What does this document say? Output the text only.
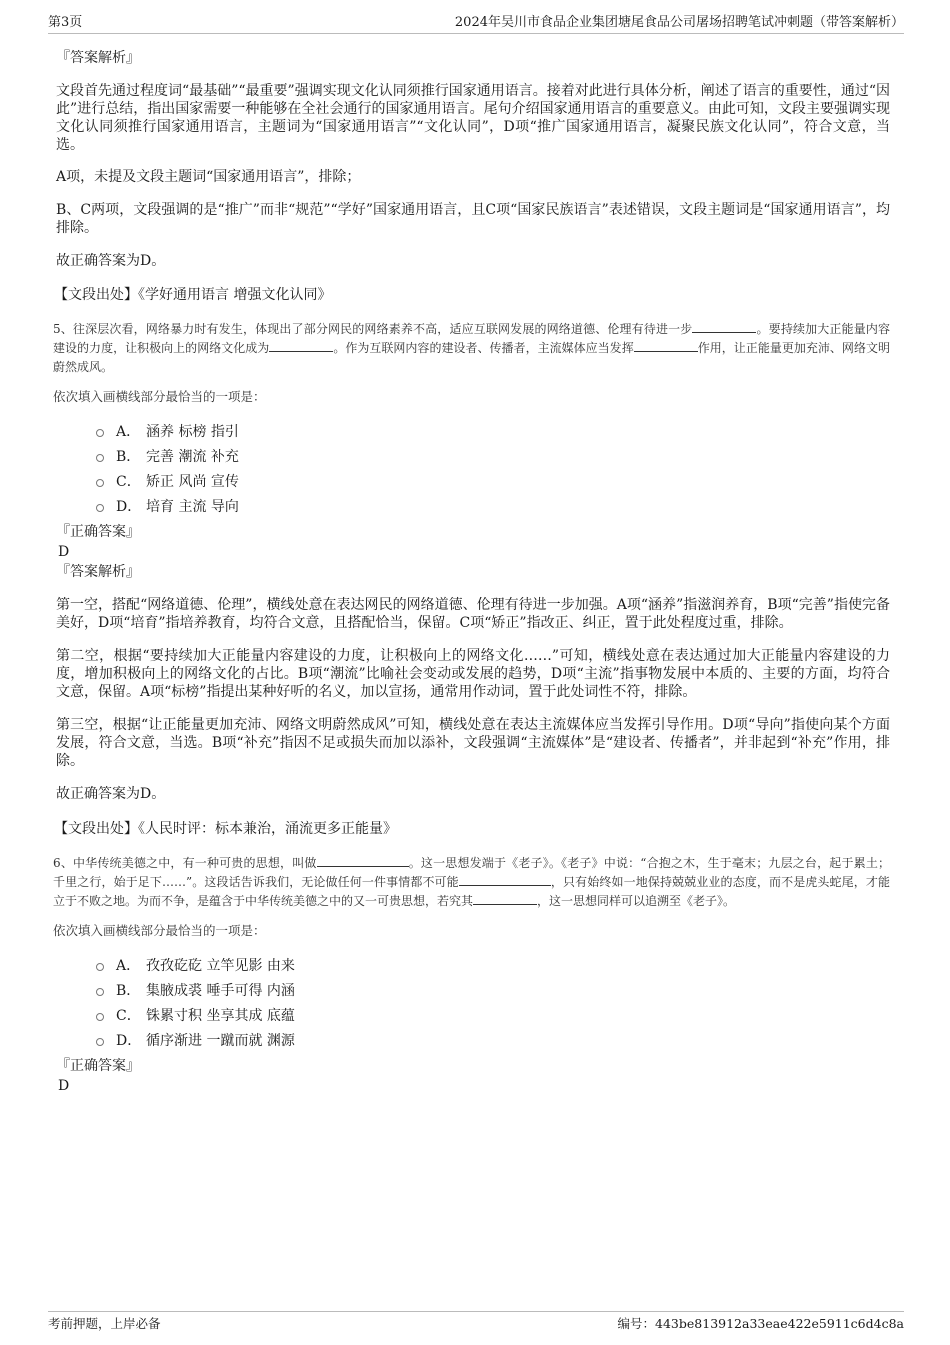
第3页	2024年吴川市食品企业集团塘尾食品公司屠场招聘笔试冲刺题（带答案解析）

『答案解析』

文段首先通过程度词“最基础”“最重要”强调实现文化认同须推行国家通用语言。接着对此进行具体分析，阐述了语言的重要性，通过“因此”进行总结，指出国家需要一种能够在全社会通行的国家通用语言。尾句介绍国家通用语言的重要意义。由此可知，文段主要强调实现文化认同须推行国家通用语言，主题词为“国家通用语言”“文化认同”，D项“推广国家通用语言，凝聚民族文化认同”，符合文意，当选。

A项，未提及文段主题词“国家通用语言”，排除；

B、C两项，文段强调的是“推广”而非“规范”“学好”国家通用语言，且C项“国家民族语言”表述错误，文段主题词是“国家通用语言”，均排除。

故正确答案为D。

【文段出处】《学好通用语言 增强文化认同》

5、往深层次看，网络暴力时有发生，体现出了部分网民的网络素养不高，适应互联网发展的网络道德、伦理有待进一步	。要持续加大正能量内容建设的力度，让积极向上的网络文化成为	。作为互联网内容的建设者、传播者，主流媒体应当发挥	作用，让正能量更加充沛、网络文明蔚然成风。

依次填入画横线部分最恰当的一项是：

A． 涵养 标榜 指引
B． 完善 潮流 补充
C． 矫正 风尚 宣传
D． 培育 主流 导向

『正确答案』

D

『答案解析』

第一空，搭配“网络道德、伦理”，横线处意在表达网民的网络道德、伦理有待进一步加强。A项“涵养”指滋润养育，B项“完善”指使完备美好，D项“培育”指培养教育，均符合文意，且搭配恰当，保留。C项“矫正”指改正、纠正，置于此处程度过重，排除。

第二空，根据“要持续加大正能量内容建设的力度，让积极向上的网络文化……”可知，横线处意在表达通过加大正能量内容建设的力度，增加积极向上的网络文化的占比。B项“潮流”比喻社会变动或发展的趋势，D项“主流”指事物发展中本质的、主要的方面，均符合文意，保留。A项“标榜”指提出某种好听的名义，加以宣扬，通常用作动词，置于此处词性不符，排除。

第三空，根据“让正能量更加充沛、网络文明蔚然成风”可知，横线处意在表达主流媒体应当发挥引导作用。D项“导向”指使向某个方面发展，符合文意，当选。B项“补充”指因不足或损失而加以添补，文段强调“主流媒体”是“建设者、传播者”，并非起到“补充”作用，排除。

故正确答案为D。

【文段出处】《人民时评：标本兼治，涌流更多正能量》

6、中华传统美德之中，有一种可贵的思想，叫做	。这一思想发端于《老子》。《老子》中说：“合抱之木，生于毫末；九层之台，起于累土；千里之行，始于足下……”。这段话告诉我们，无论做任何一件事情都不可能	，只有始终如一地保持兢兢业业的态度，而不是虎头蛇尾，才能立于不败之地。为而不争，是蕴含于中华传统美德之中的又一可贵思想，若究其	，这一思想同样可以追溯至《老子》。

依次填入画横线部分最恰当的一项是：

A． 孜孜矻矻 立竿见影 由来
B． 集腋成裘 唾手可得 内涵
C． 铢累寸积 坐享其成 底蕴
D． 循序渐进 一蹴而就 渊源

『正确答案』

D

考前押题，上岸必备	编号：443be813912a33eae422e5911c6d4c8a
